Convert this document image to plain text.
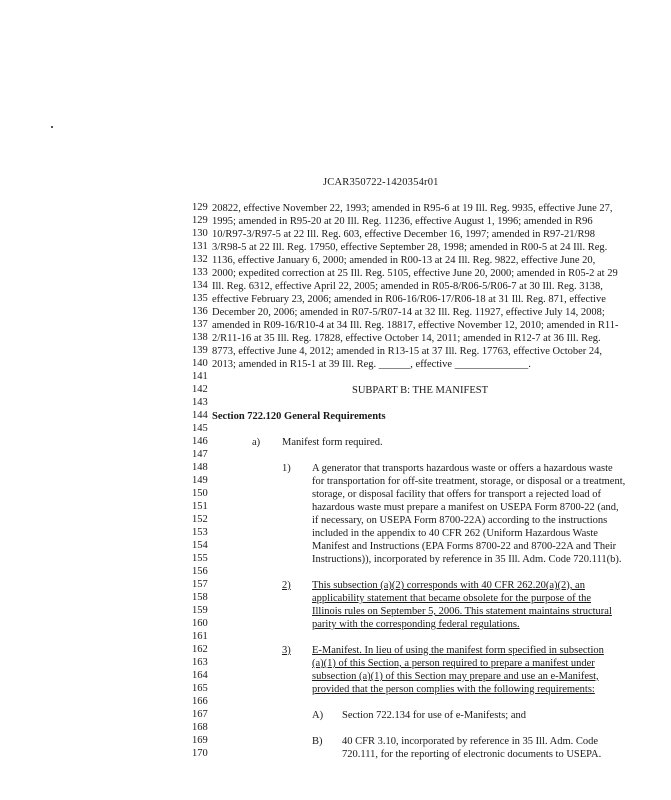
JCAR350722-1420354r01
129
129
130
131
132
133
134
135
136
137
138
139
140
141
142
143
144
145
146
147
148
149
150
151
152
153
154
155
156
157
158
159
160
161
162
163
164
165
166
167
168
169
170
20822, effective November 22, 1993; amended in R95-6 at 19 Ill. Reg. 9935, effective June 27,
1995; amended in R95-20 at 20 Ill. Reg. 11236, effective August 1, 1996; amended in R96
10/R97-3/R97-5 at 22 Ill. Reg. 603, effective December 16, 1997; amended in R97-21/R98
3/R98-5 at 22 Ill. Reg. 17950, effective September 28, 1998; amended in R00-5 at 24 Ill. Reg.
1136, effective January 6, 2000; amended in R00-13 at 24 Ill. Reg. 9822, effective June 20,
2000; expedited correction at 25 Ill. Reg. 5105, effective June 20, 2000; amended in R05-2 at 29
Ill. Reg. 6312, effective April 22, 2005; amended in R05-8/R06-5/R06-7 at 30 Ill. Reg. 3138,
effective February 23, 2006; amended in R06-16/R06-17/R06-18 at 31 Ill. Reg. 871, effective
December 20, 2006; amended in R07-5/R07-14 at 32 Ill. Reg. 11927, effective July 14, 2008;
amended in R09-16/R10-4 at 34 Ill. Reg. 18817, effective November 12, 2010; amended in R11-
2/R11-16 at 35 Ill. Reg. 17828, effective October 14, 2011; amended in R12-7 at 36 Ill. Reg.
8773, effective June 4, 2012; amended in R13-15 at 37 Ill. Reg. 17763, effective October 24,
2013; amended in R15-1 at 39 Ill. Reg. ______, effective ______________.
SUBPART B: THE MANIFEST
Section 722.120 General Requirements
a) Manifest form required.
1) A generator that transports hazardous waste or offers a hazardous waste
for transportation for off-site treatment, storage, or disposal or a treatment,
storage, or disposal facility that offers for transport a rejected load of
hazardous waste must prepare a manifest on USEPA Form 8700-22 (and,
if necessary, on USEPA Form 8700-22A) according to the instructions
included in the appendix to 40 CFR 262 (Uniform Hazardous Waste
Manifest and Instructions (EPA Forms 8700-22 and 8700-22A and Their
Instructions)), incorporated by reference in 35 Ill. Adm. Code 720.111(b).
2) This subsection (a)(2) corresponds with 40 CFR 262.20(a)(2), an
applicability statement that became obsolete for the purpose of the
Illinois rules on September 5, 2006. This statement maintains structural
parity with the corresponding federal regulations.
3) E-Manifest. In lieu of using the manifest form specified in subsection
(a)(1) of this Section, a person required to prepare a manifest under
subsection (a)(1) of this Section may prepare and use an e-Manifest,
provided that the person complies with the following requirements:
A) Section 722.134 for use of e-Manifests; and
B) 40 CFR 3.10, incorporated by reference in 35 Ill. Adm. Code
720.111, for the reporting of electronic documents to USEPA.
